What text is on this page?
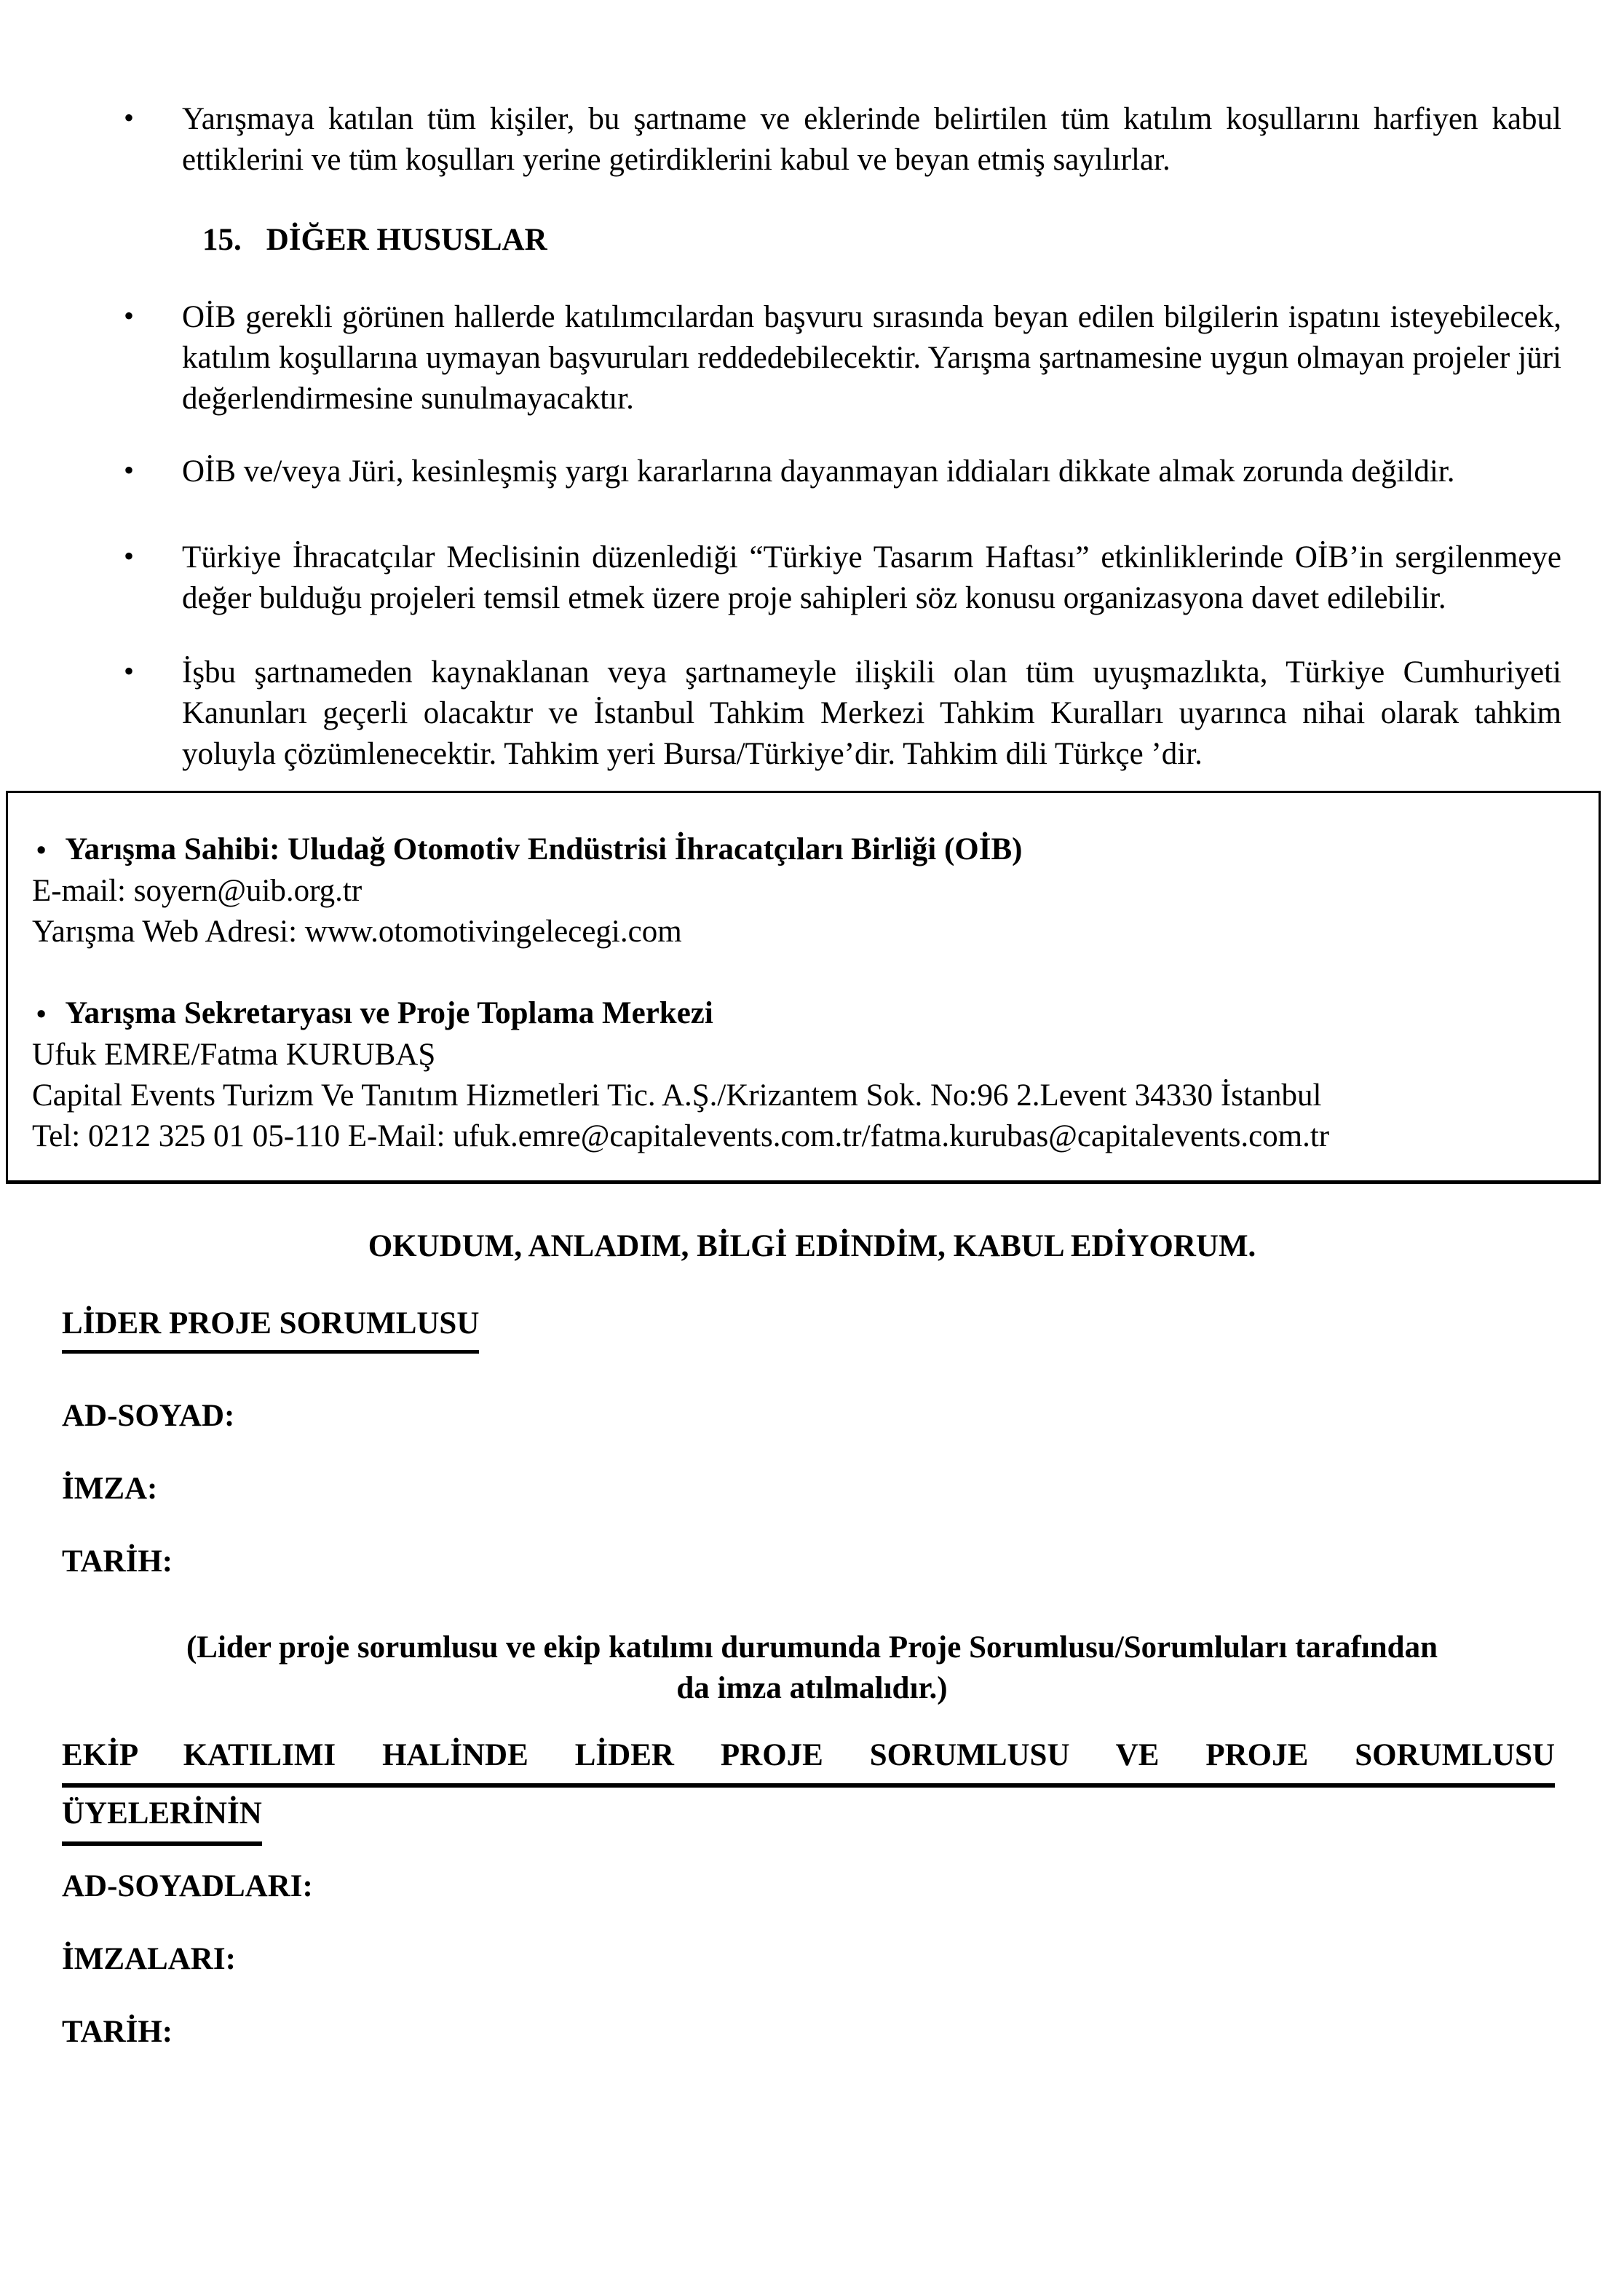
• Yarışmaya katılan tüm kişiler, bu şartname ve eklerinde belirtilen tüm katılım koşullarını harfiyen kabul ettiklerini ve tüm koşulları yerine getirdiklerini kabul ve beyan etmiş sayılırlar.
15. DİĞER HUSUSLAR
• OİB gerekli görünen hallerde katılımcılardan başvuru sırasında beyan edilen bilgilerin ispatını isteyebilecek, katılım koşullarına uymayan başvuruları reddedebilecektir. Yarışma şartnamesine uygun olmayan projeler jüri değerlendirmesine sunulmayacaktır.
• OİB ve/veya Jüri, kesinleşmiş yargı kararlarına dayanmayan iddiaları dikkate almak zorunda değildir.
• Türkiye İhracatçılar Meclisinin düzenlediği “Türkiye Tasarım Haftası” etkinliklerinde OİB’in sergilenmeye değer bulduğu projeleri temsil etmek üzere proje sahipleri söz konusu organizasyona davet edilebilir.
• İşbu şartnameden kaynaklanan veya şartnameyle ilişkili olan tüm uyuşmazlıkta, Türkiye Cumhuriyeti Kanunları geçerli olacaktır ve İstanbul Tahkim Merkezi Tahkim Kuralları uyarınca nihai olarak tahkim yoluyla çözümlenecektir. Tahkim yeri Bursa/Türkiye’dir. Tahkim dili Türkçe ’dir.
• Yarışma Sahibi: Uludağ Otomotiv Endüstrisi İhracatçıları Birliği (OİB)
E-mail: soyern@uib.org.tr
Yarışma Web Adresi: www.otomotivingelecegi.com
• Yarışma Sekretaryası ve Proje Toplama Merkezi
Ufuk EMRE/Fatma KURUBAŞ
Capital Events Turizm Ve Tanıtım Hizmetleri Tic. A.Ş./Krizantem Sok. No:96 2.Levent 34330 İstanbul
Tel: 0212 325 01 05-110 E-Mail: ufuk.emre@capitalevents.com.tr/fatma.kurubas@capitalevents.com.tr
OKUDUM, ANLADIM, BİLGİ EDİNDİM, KABUL EDİYORUM.
LİDER PROJE SORUMLUSU
AD-SOYAD:
İMZA:
TARİH:
(Lider proje sorumlusu ve ekip katılımı durumunda Proje Sorumlusu/Sorumluları tarafından
da imza atılmalıdır.)
EKİP KATILIMI HALİNDE LİDER PROJE SORUMLUSU VE PROJE SORUMLUSU
ÜYELERİNİN
AD-SOYADLARI:
İMZALARI:
TARİH:
